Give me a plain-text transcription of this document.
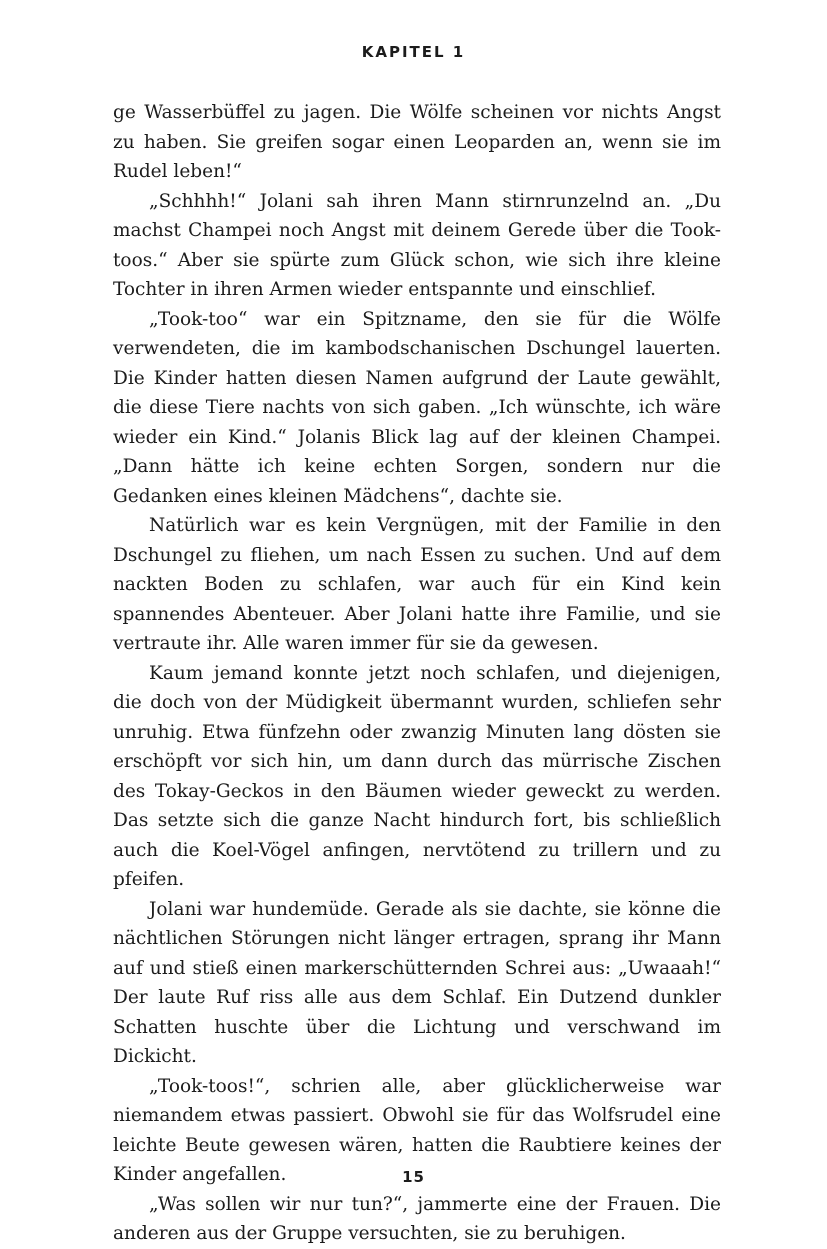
KAPITEL 1

ge Wasserbüffel zu jagen. Die Wölfe scheinen vor nichts Angst zu haben. Sie greifen sogar einen Leoparden an, wenn sie im Rudel leben!“

„Schhhh!“ Jolani sah ihren Mann stirnrunzelnd an. „Du machst Champei noch Angst mit deinem Gerede über die Took-toos.“ Aber sie spürte zum Glück schon, wie sich ihre kleine Tochter in ihren Armen wieder entspannte und einschlief.

„Took-too“ war ein Spitzname, den sie für die Wölfe verwendeten, die im kambodschanischen Dschungel lauerten. Die Kinder hatten diesen Namen aufgrund der Laute gewählt, die diese Tiere nachts von sich gaben. „Ich wünschte, ich wäre wieder ein Kind.“ Jolanis Blick lag auf der kleinen Champei. „Dann hätte ich keine echten Sorgen, sondern nur die Gedanken eines kleinen Mädchens“, dachte sie.

Natürlich war es kein Vergnügen, mit der Familie in den Dschungel zu fliehen, um nach Essen zu suchen. Und auf dem nackten Boden zu schlafen, war auch für ein Kind kein spannendes Abenteuer. Aber Jolani hatte ihre Familie, und sie vertraute ihr. Alle waren immer für sie da gewesen.

Kaum jemand konnte jetzt noch schlafen, und diejenigen, die doch von der Müdigkeit übermannt wurden, schliefen sehr unruhig. Etwa fünfzehn oder zwanzig Minuten lang dösten sie erschöpft vor sich hin, um dann durch das mürrische Zischen des Tokay-Geckos in den Bäumen wieder geweckt zu werden. Das setzte sich die ganze Nacht hindurch fort, bis schließlich auch die Koel-Vögel anfingen, nervtötend zu trillern und zu pfeifen.

Jolani war hundemüde. Gerade als sie dachte, sie könne die nächtlichen Störungen nicht länger ertragen, sprang ihr Mann auf und stieß einen markerschütternden Schrei aus: „Uwaaah!“ Der laute Ruf riss alle aus dem Schlaf. Ein Dutzend dunkler Schatten huschte über die Lichtung und verschwand im Dickicht.

„Took-toos!“, schrien alle, aber glücklicherweise war niemandem etwas passiert. Obwohl sie für das Wolfsrudel eine leichte Beute gewesen wären, hatten die Raubtiere keines der Kinder angefallen.

„Was sollen wir nur tun?“, jammerte eine der Frauen. Die anderen aus der Gruppe versuchten, sie zu beruhigen.

15
